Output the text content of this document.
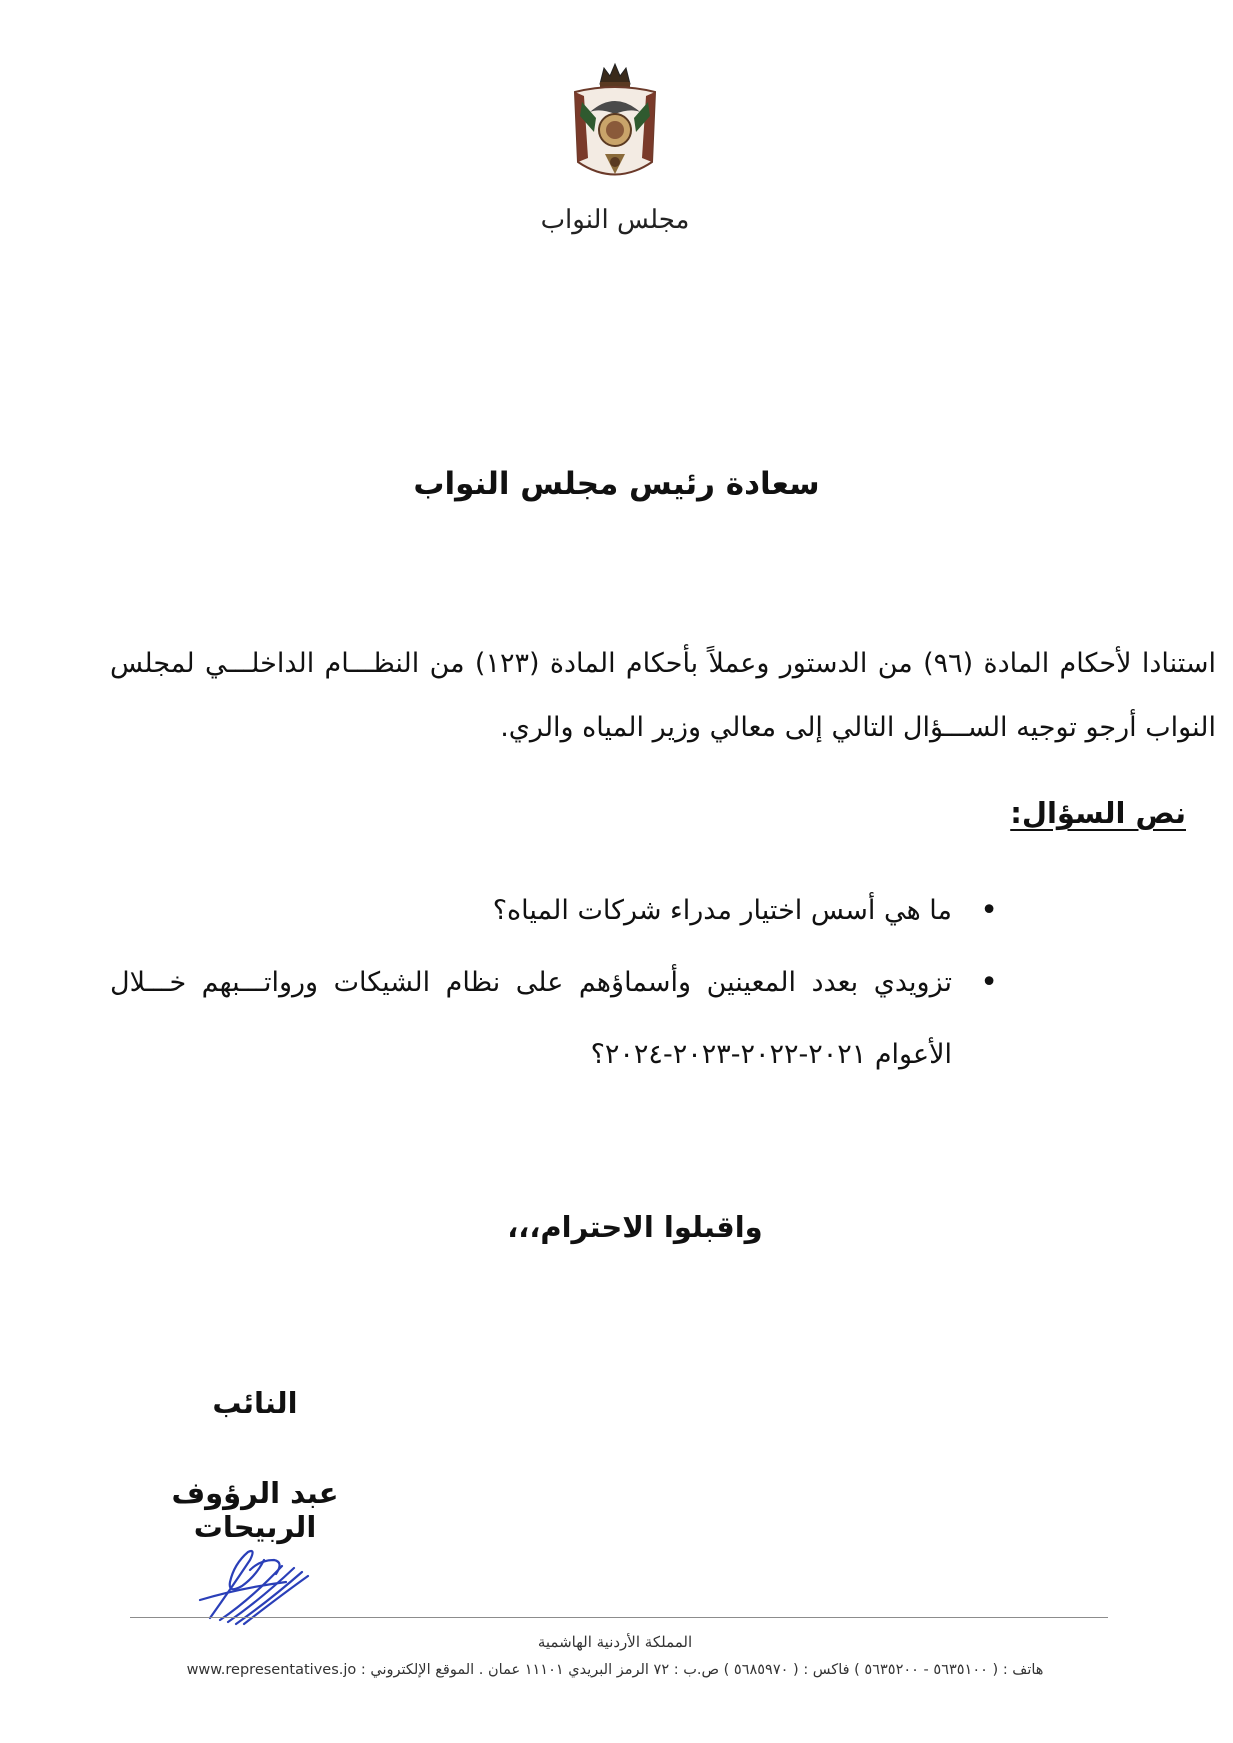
مجلس النواب
سعادة رئيس مجلس النواب
استنادا لأحكام المادة (٩٦) من الدستور وعملاً بأحكام المادة (١٢٣) من النظـــام الداخلـــي لمجلس
النواب أرجو توجيه الســـؤال التالي إلى معالي وزير المياه والري.
نص السؤال:
• ما هي أسس اختيار مدراء شركات المياه؟
• تزويدي بعدد المعينين وأسماؤهم على نظام الشيكات ورواتـــبهم خـــلال
الأعوام ٢٠٢١-٢٠٢٢-٢٠٢٣-٢٠٢٤؟
واقبلوا الاحترام،،،
النائب
عبد الرؤوف الربيحات
المملكة الأردنية الهاشمية
هاتف : ( ٥٦٣٥١٠٠ - ٥٦٣٥٢٠٠ ) فاكس : ( ٥٦٨٥٩٧٠ ) ص.ب : ٧٢ الرمز البريدي ١١١٠١ عمان . الموقع الإلكتروني : www.representatives.jo
